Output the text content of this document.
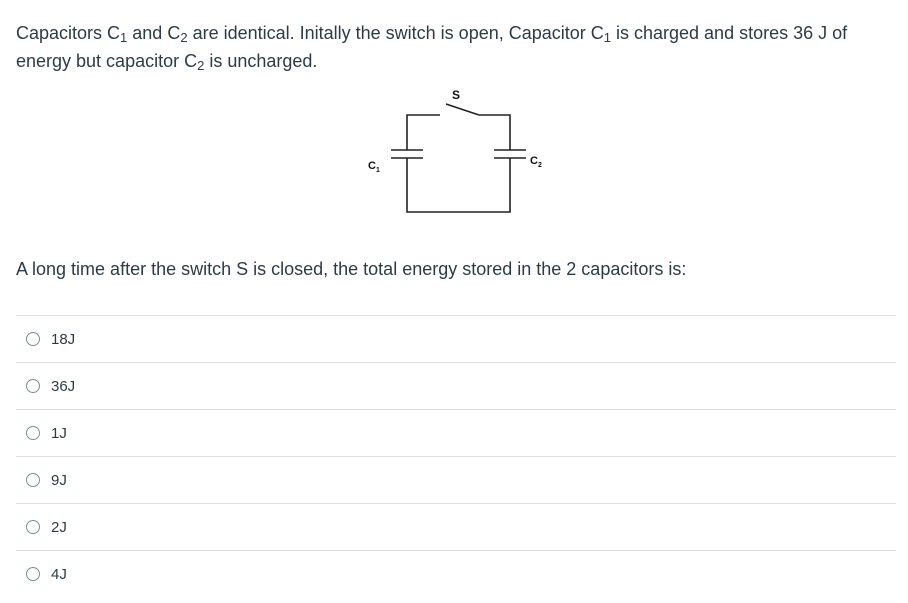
Capacitors C1 and C2 are identical. Initally the switch is open, Capacitor C1 is charged and stores 36 J of energy but capacitor C2 is uncharged.
S
C 1
C 2
A long time after the switch S is closed, the total energy stored in the 2 capacitors is:
18J
36J
1J
9J
2J
4J
